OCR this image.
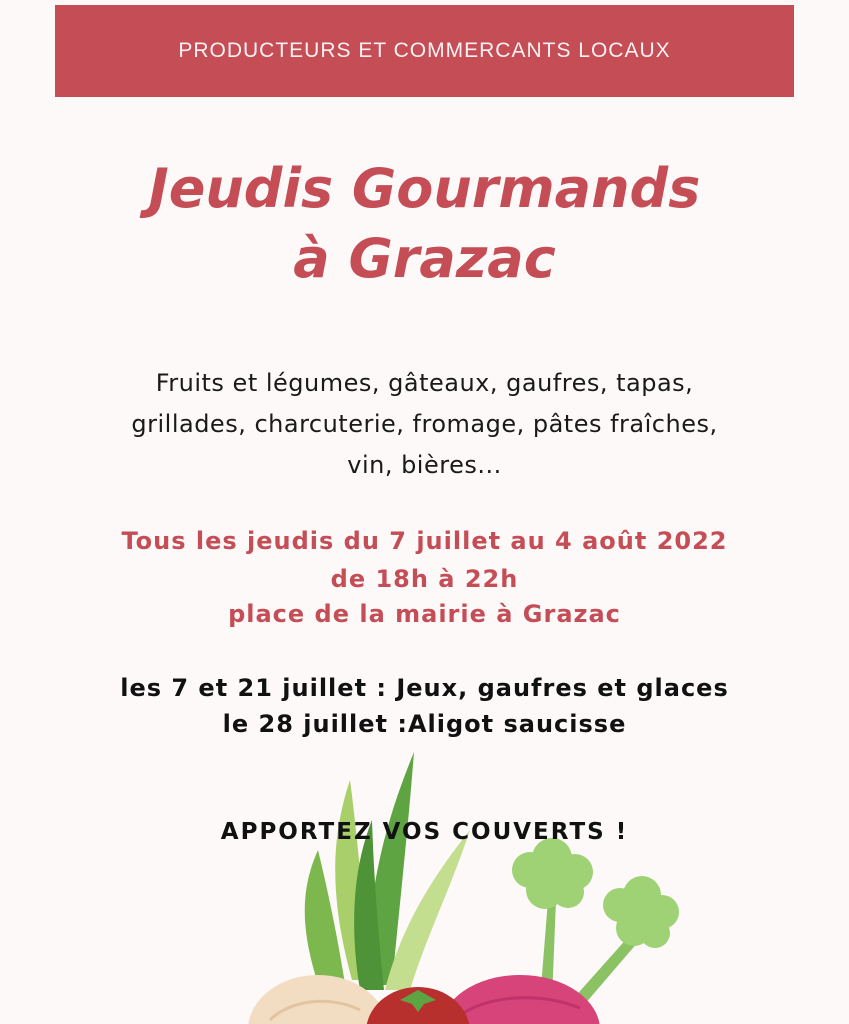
PRODUCTEURS ET COMMERCANTS LOCAUX
Jeudis Gourmands
à Grazac
Fruits et légumes, gâteaux, gaufres, tapas,
grillades, charcuterie, fromage, pâtes fraîches,
vin, bières...
Tous les jeudis du 7 juillet au 4 août 2022
de 18h à 22h
place de la mairie à Grazac
les 7 et 21 juillet : Jeux, gaufres et glaces
le 28 juillet :Aligot saucisse
APPORTEZ VOS COUVERTS !
